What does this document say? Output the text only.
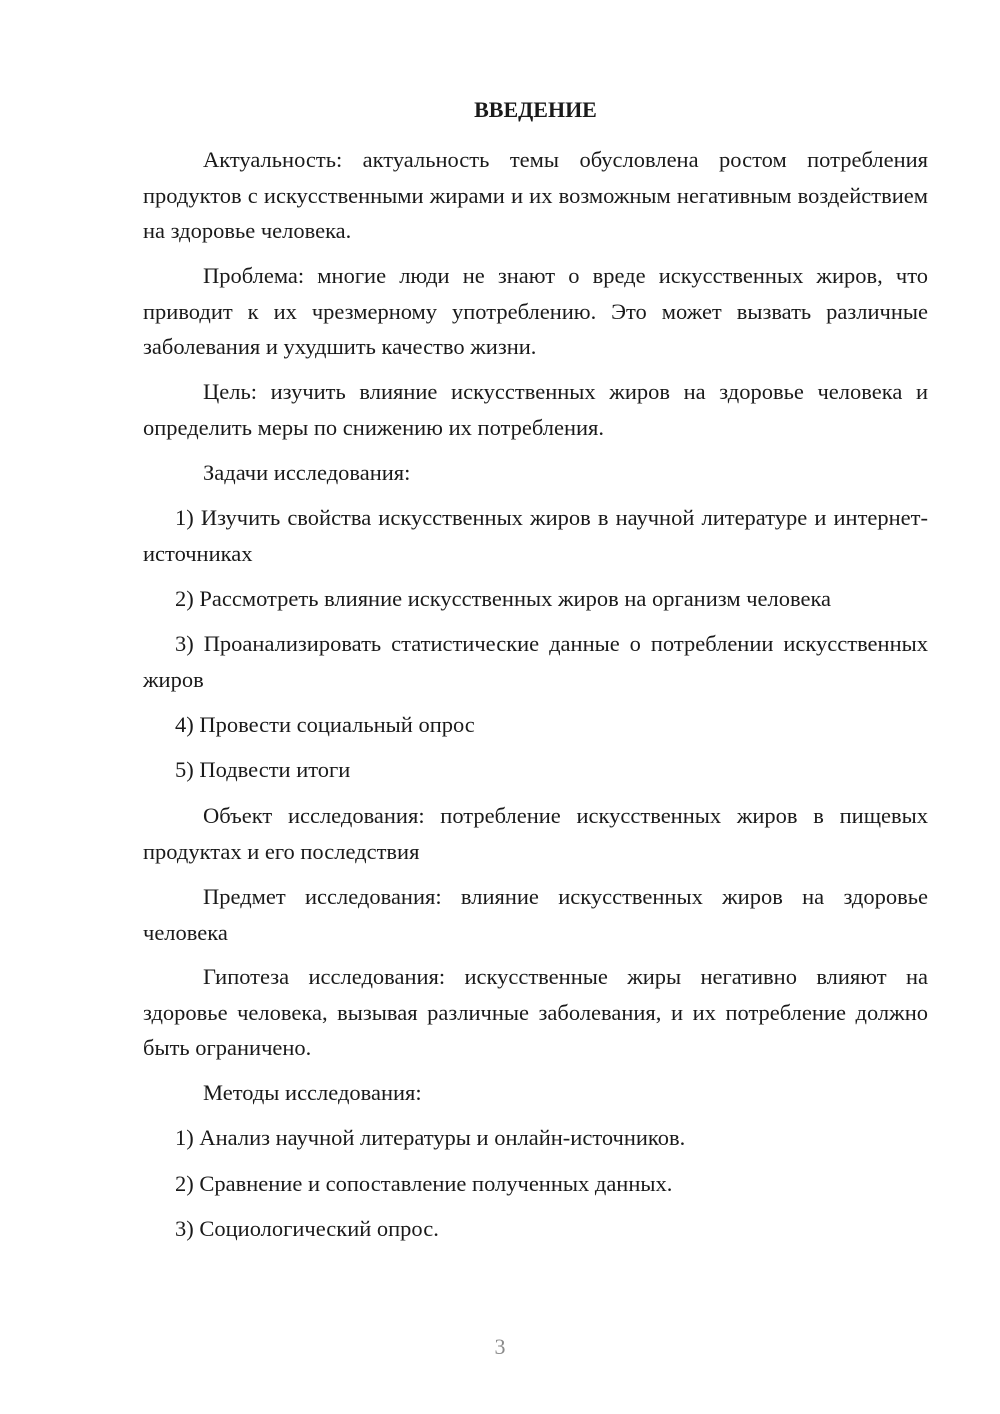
ВВЕДЕНИЕ

Актуальность: актуальность темы обусловлена ростом потребления продуктов с искусственными жирами и их возможным негативным воздействием на здоровье человека.

Проблема: многие люди не знают о вреде искусственных жиров, что приводит к их чрезмерному употреблению. Это может вызвать различные заболевания и ухудшить качество жизни.

Цель: изучить влияние искусственных жиров на здоровье человека и определить меры по снижению их потребления.

Задачи исследования:

1) Изучить свойства искусственных жиров в научной литературе и интернет-источниках

2) Рассмотреть влияние искусственных жиров на организм человека

3) Проанализировать статистические данные о потреблении искусственных жиров

4) Провести социальный опрос

5) Подвести итоги

Объект исследования: потребление искусственных жиров в пищевых продуктах и его последствия

Предмет исследования: влияние искусственных жиров на здоровье человека

Гипотеза исследования: искусственные жиры негативно влияют на здоровье человека, вызывая различные заболевания, и их потребление должно быть ограничено.

Методы исследования:

1) Анализ научной литературы и онлайн-источников.

2) Сравнение и сопоставление полученных данных.

3) Социологический опрос.

3
